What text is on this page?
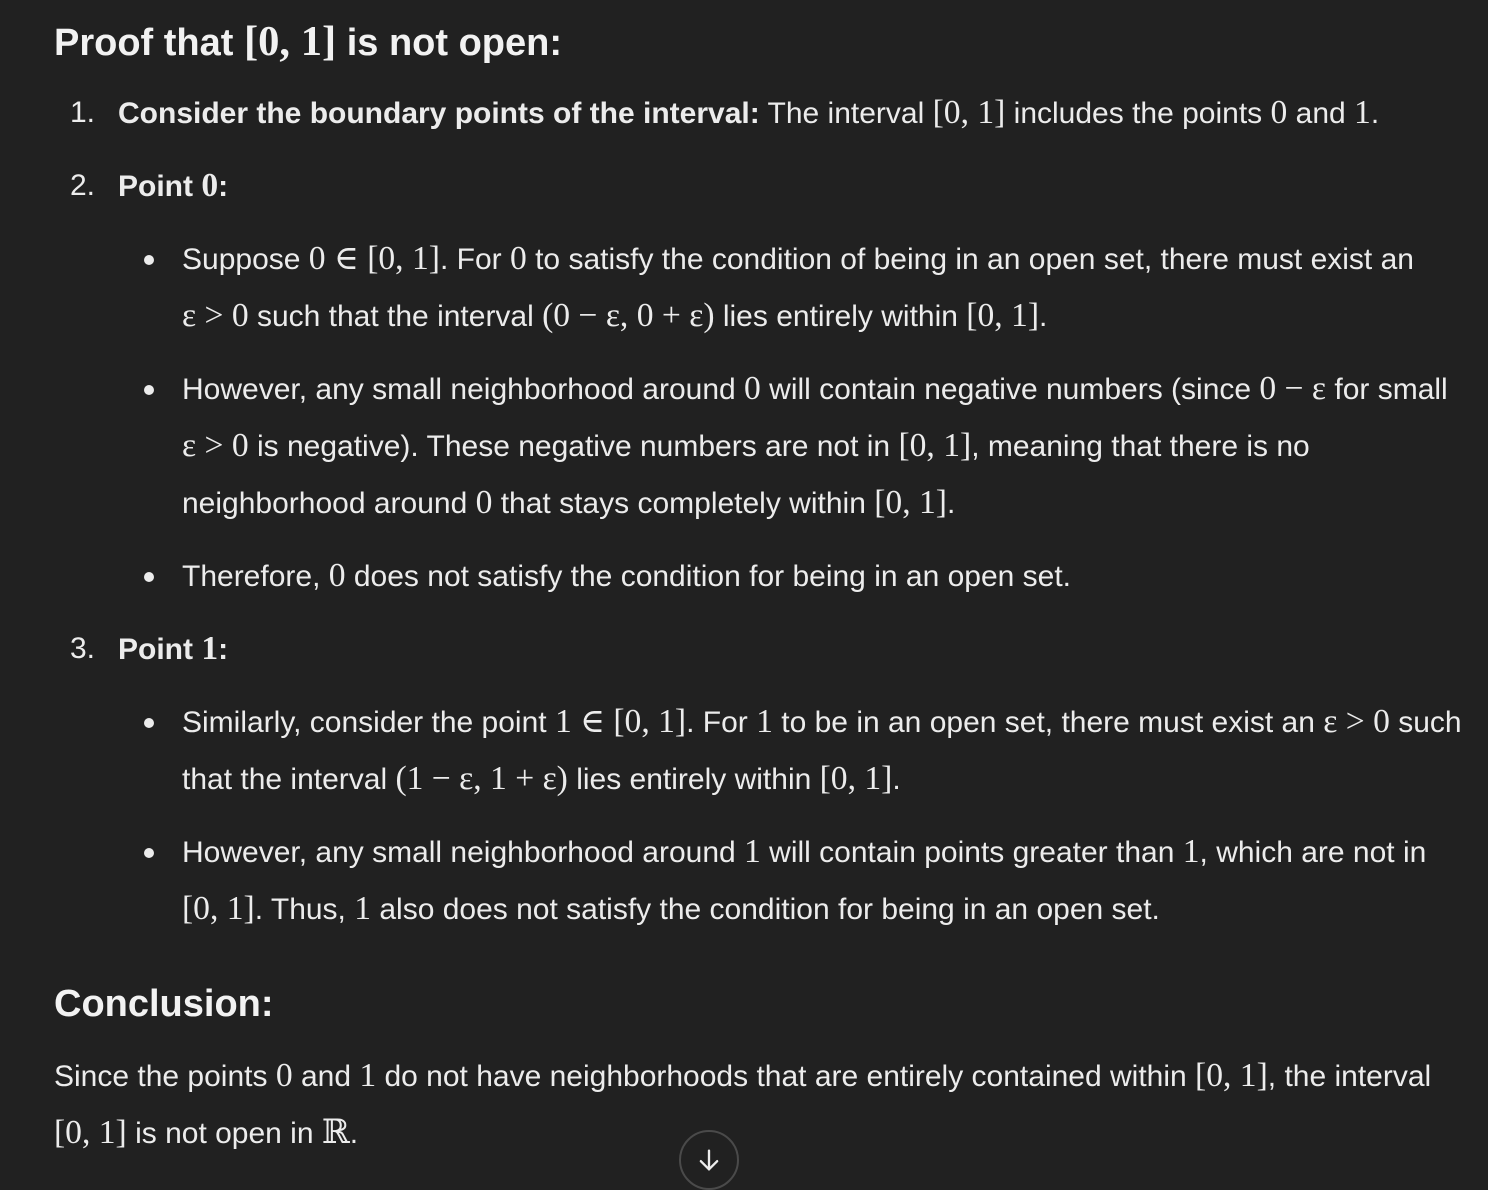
Proof that [0, 1] is not open:
1. Consider the boundary points of the interval: The interval [0, 1] includes the points 0 and 1.
2. Point 0:
Suppose 0 ∈ [0, 1]. For 0 to satisfy the condition of being in an open set, there must exist an ε > 0 such that the interval (0 − ε, 0 + ε) lies entirely within [0, 1].
However, any small neighborhood around 0 will contain negative numbers (since 0 − ε for small ε > 0 is negative). These negative numbers are not in [0, 1], meaning that there is no neighborhood around 0 that stays completely within [0, 1].
Therefore, 0 does not satisfy the condition for being in an open set.
3. Point 1:
Similarly, consider the point 1 ∈ [0, 1]. For 1 to be in an open set, there must exist an ε > 0 such that the interval (1 − ε, 1 + ε) lies entirely within [0, 1].
However, any small neighborhood around 1 will contain points greater than 1, which are not in [0, 1]. Thus, 1 also does not satisfy the condition for being in an open set.
Conclusion:

Since the points 0 and 1 do not have neighborhoods that are entirely contained within [0, 1], the interval [0, 1] is not open in ℝ.
